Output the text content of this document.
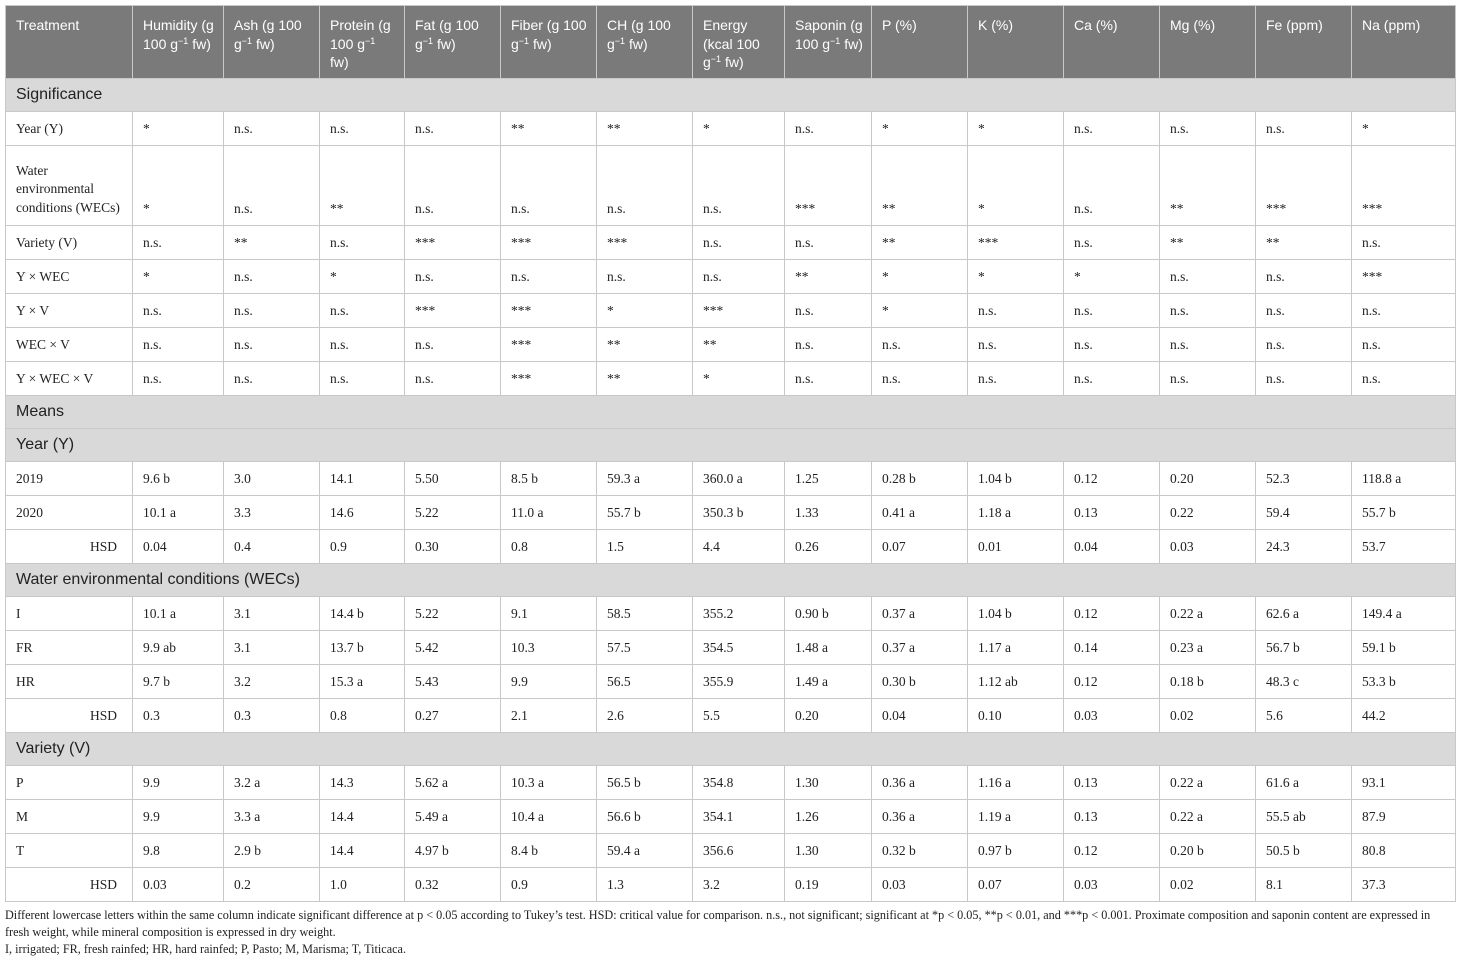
Treatment	Humidity (g 100 $g^{-1}$ fw)	Ash (g 100 $g^{-1}$ fw)	Protein (g 100 $g^{-1}$ fw)	Fat (g 100 $g^{-1}$ fw)	Fiber (g 100 $g^{-1}$ fw)	CH (g 100 $g^{-1}$ fw)	Energy (kcal 100 $g^{-1}$ fw)	Saponin (g 100 $g^{-1}$ fw)	P (%)	K (%)	Ca (%)	Mg (%)	Fe (ppm)	Na (ppm)
Significance														
Year (Y)	*	n.s.	n.s.	n.s.	**	**	*	n.s.	*	*	n.s.	n.s.	n.s.	*
Water environmental conditions (WECs)	*	n.s.	**	n.s.	n.s.	n.s.	n.s.	***	**	*	n.s.	**	***	***
Variety (V)	n.s.	**	n.s.	***	***	***	n.s.	n.s.	**	***	n.s.	**	**	n.s.
Y × WEC	*	n.s.	*	n.s.	n.s.	n.s.	n.s.	**	*	*	*	n.s.	n.s.	***
Y × V	n.s.	n.s.	n.s.	***	***	*	***	n.s.	*	n.s.	n.s.	n.s.	n.s.	n.s.
WEC × V	n.s.	n.s.	n.s.	n.s.	***	**	**	n.s.	n.s.	n.s.	n.s.	n.s.	n.s.	n.s.
Y × WEC × V	n.s.	n.s.	n.s.	n.s.	***	**	*	n.s.	n.s.	n.s.	n.s.	n.s.	n.s.	n.s.
Means														
Year (Y)														
2019	9.6 b	3.0	14.1	5.50	8.5 b	59.3 a	360.0 a	1.25	0.28 b	1.04 b	0.12	0.20	52.3	118.8 a
2020	10.1 a	3.3	14.6	5.22	11.0 a	55.7 b	350.3 b	1.33	0.41 a	1.18 a	0.13	0.22	59.4	55.7 b
HSD	0.04	0.4	0.9	0.30	0.8	1.5	4.4	0.26	0.07	0.01	0.04	0.03	24.3	53.7
Water environmental conditions (WECs)														
I	10.1 a	3.1	14.4 b	5.22	9.1	58.5	355.2	0.90 b	0.37 a	1.04 b	0.12	0.22 a	62.6 a	149.4 a
FR	9.9 ab	3.1	13.7 b	5.42	10.3	57.5	354.5	1.48 a	0.37 a	1.17 a	0.14	0.23 a	56.7 b	59.1 b
HR	9.7 b	3.2	15.3 a	5.43	9.9	56.5	355.9	1.49 a	0.30 b	1.12 ab	0.12	0.18 b	48.3 c	53.3 b
HSD	0.3	0.3	0.8	0.27	2.1	2.6	5.5	0.20	0.04	0.10	0.03	0.02	5.6	44.2
Variety (V)														
P	9.9	3.2 a	14.3	5.62 a	10.3 a	56.5 b	354.8	1.30	0.36 a	1.16 a	0.13	0.22 a	61.6 a	93.1
M	9.9	3.3 a	14.4	5.49 a	10.4 a	56.6 b	354.1	1.26	0.36 a	1.19 a	0.13	0.22 a	55.5 ab	87.9
T	9.8	2.9 b	14.4	4.97 b	8.4 b	59.4 a	356.6	1.30	0.32 b	0.97 b	0.12	0.20 b	50.5 b	80.8
HSD	0.03	0.2	1.0	0.32	0.9	1.3	3.2	0.19	0.03	0.07	0.03	0.02	8.1	37.3
Different lowercase letters within the same column indicate significant difference at p < 0.05 according to Tukey’s test. HSD: critical value for comparison. n.s., not significant; significant at *p < 0.05, **p < 0.01, and ***p < 0.001. Proximate composition and saponin content are expressed in fresh weight, while mineral composition is expressed in dry weight.
I, irrigated; FR, fresh rainfed; HR, hard rainfed; P, Pasto; M, Marisma; T, Titicaca.
